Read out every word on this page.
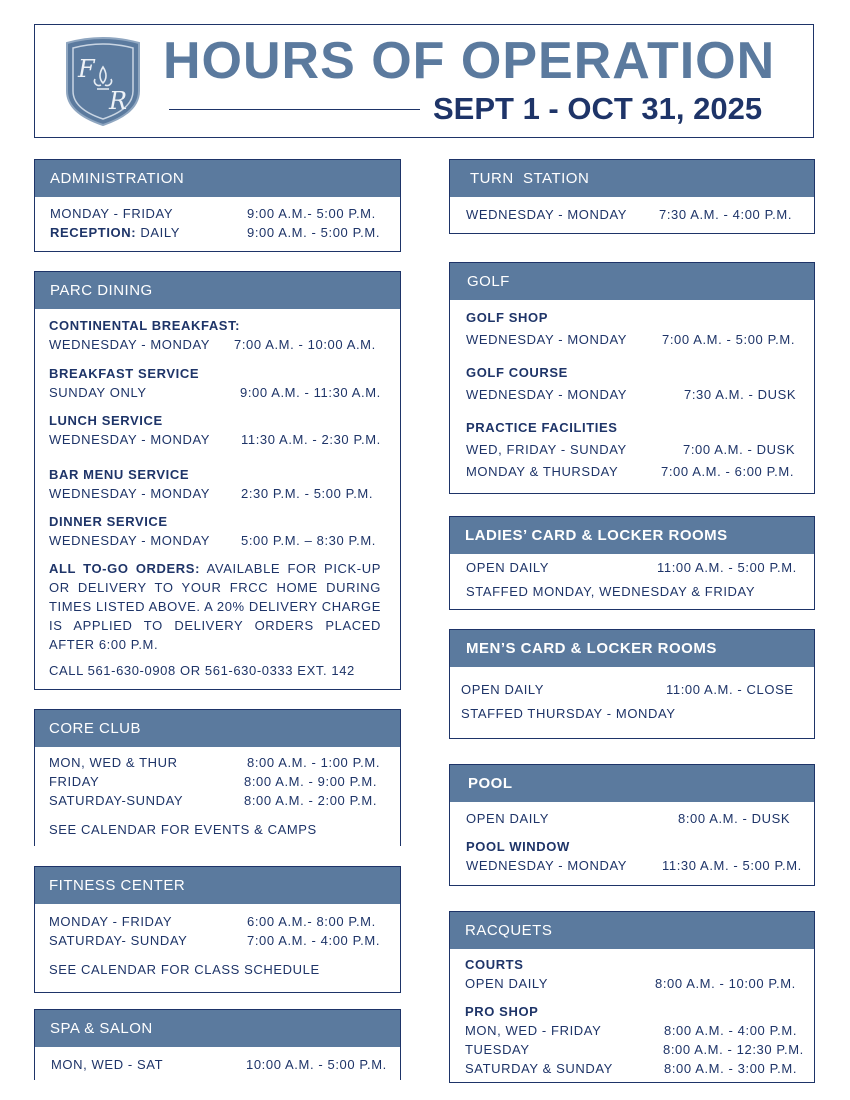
F
R
HOURS OF OPERATION
SEPT 1 - OCT 31, 2025
ADMINISTRATION
MONDAY - FRIDAY	9:00 A.M.- 5:00 P.M.
RECEPTION: DAILY	9:00 A.M. - 5:00 P.M.
PARC DINING
CONTINENTAL BREAKFAST:
WEDNESDAY - MONDAY 7:00 A.M. - 10:00 A.M.
BREAKFAST SERVICE
SUNDAY ONLY	9:00 A.M. - 11:30 A.M.
LUNCH SERVICE
WEDNESDAY - MONDAY 11:30 A.M. - 2:30 P.M.
BAR MENU SERVICE
WEDNESDAY - MONDAY 2:30 P.M. - 5:00 P.M.
DINNER SERVICE
WEDNESDAY - MONDAY 5:00 P.M. – 8:30 P.M.
ALL TO-GO ORDERS: AVAILABLE FOR PICK-UP OR DELIVERY TO YOUR FRCC HOME DURING TIMES LISTED ABOVE. A 20% DELIVERY CHARGE IS APPLIED TO DELIVERY ORDERS PLACED AFTER 6:00 P.M.
CALL 561-630-0908 OR 561-630-0333 EXT. 142
CORE CLUB
MON, WED & THUR	8:00 A.M. - 1:00 P.M.
FRIDAY	8:00 A.M. - 9:00 P.M.
SATURDAY-SUNDAY	8:00 A.M. - 2:00 P.M.
SEE CALENDAR FOR EVENTS & CAMPS
FITNESS CENTER
MONDAY - FRIDAY	6:00 A.M.- 8:00 P.M.
SATURDAY- SUNDAY	7:00 A.M. - 4:00 P.M.
SEE CALENDAR FOR CLASS SCHEDULE
SPA & SALON
MON, WED - SAT	10:00 A.M. - 5:00 P.M.
TURN  STATION
WEDNESDAY - MONDAY 7:30 A.M. - 4:00 P.M.
GOLF
GOLF SHOP
WEDNESDAY - MONDAY	7:00 A.M. - 5:00 P.M.
GOLF COURSE
WEDNESDAY - MONDAY	7:30 A.M. - DUSK
PRACTICE FACILITIES
WED, FRIDAY - SUNDAY	7:00 A.M. - DUSK
MONDAY & THURSDAY	7:00 A.M. - 6:00 P.M.
LADIES’ CARD & LOCKER ROOMS
OPEN DAILY	11:00 A.M. - 5:00 P.M.
STAFFED MONDAY, WEDNESDAY & FRIDAY
MEN’S CARD & LOCKER ROOMS
OPEN DAILY	11:00 A.M. - CLOSE
STAFFED THURSDAY - MONDAY
POOL
OPEN DAILY	8:00 A.M. - DUSK
POOL WINDOW
WEDNESDAY - MONDAY	11:30 A.M. - 5:00 P.M.
RACQUETS
COURTS
OPEN DAILY	8:00 A.M. - 10:00 P.M.
PRO SHOP
MON, WED - FRIDAY	8:00 A.M. - 4:00 P.M.
TUESDAY	8:00 A.M. - 12:30 P.M.
SATURDAY & SUNDAY	8:00 A.M. - 3:00 P.M.
